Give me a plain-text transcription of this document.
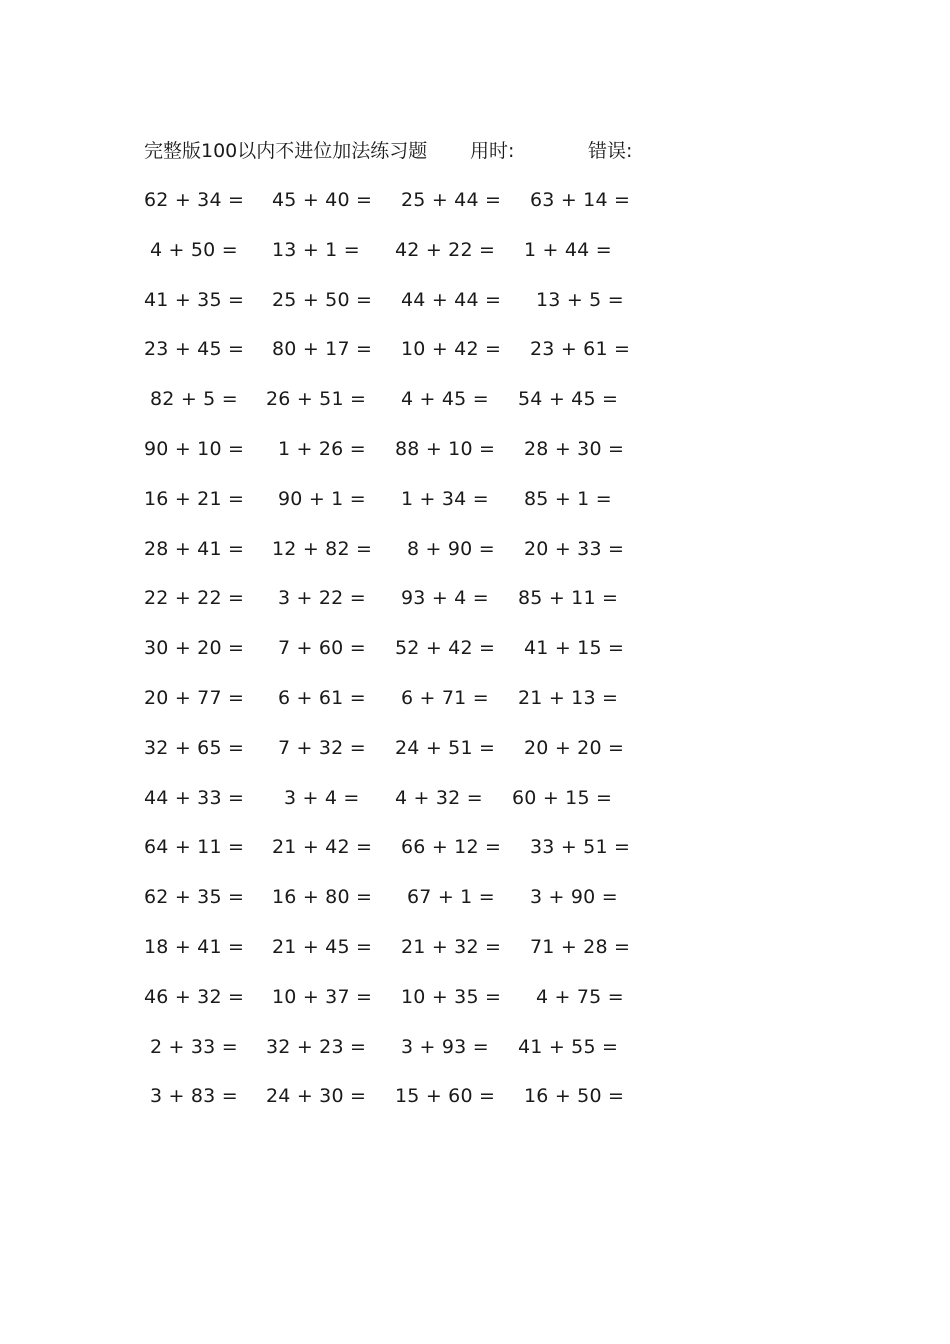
完整版100以内不进位加法练习题 用时:	错误:
62 + 34 = 45 + 40 = 25 + 44 = 63 + 14 =
4 + 50 = 13 + 1 = 42 + 22 = 1 + 44 =
41 + 35 = 25 + 50 = 44 + 44 = 13 + 5 =
23 + 45 = 80 + 17 = 10 + 42 = 23 + 61 =
82 + 5 = 26 + 51 = 4 + 45 = 54 + 45 =
90 + 10 = 1 + 26 = 88 + 10 = 28 + 30 =
16 + 21 = 90 + 1 = 1 + 34 = 85 + 1 =
28 + 41 = 12 + 82 = 8 + 90 = 20 + 33 =
22 + 22 = 3 + 22 = 93 + 4 = 85 + 11 =
30 + 20 = 7 + 60 = 52 + 42 = 41 + 15 =
20 + 77 = 6 + 61 = 6 + 71 = 21 + 13 =
32 + 65 = 7 + 32 = 24 + 51 = 20 + 20 =
44 + 33 = 3 + 4 = 4 + 32 = 60 + 15 =
64 + 11 = 21 + 42 = 66 + 12 = 33 + 51 =
62 + 35 = 16 + 80 = 67 + 1 = 3 + 90 =
18 + 41 = 21 + 45 = 21 + 32 = 71 + 28 =
46 + 32 = 10 + 37 = 10 + 35 = 4 + 75 =
2 + 33 = 32 + 23 = 3 + 93 = 41 + 55 =
3 + 83 = 24 + 30 = 15 + 60 = 16 + 50 =
